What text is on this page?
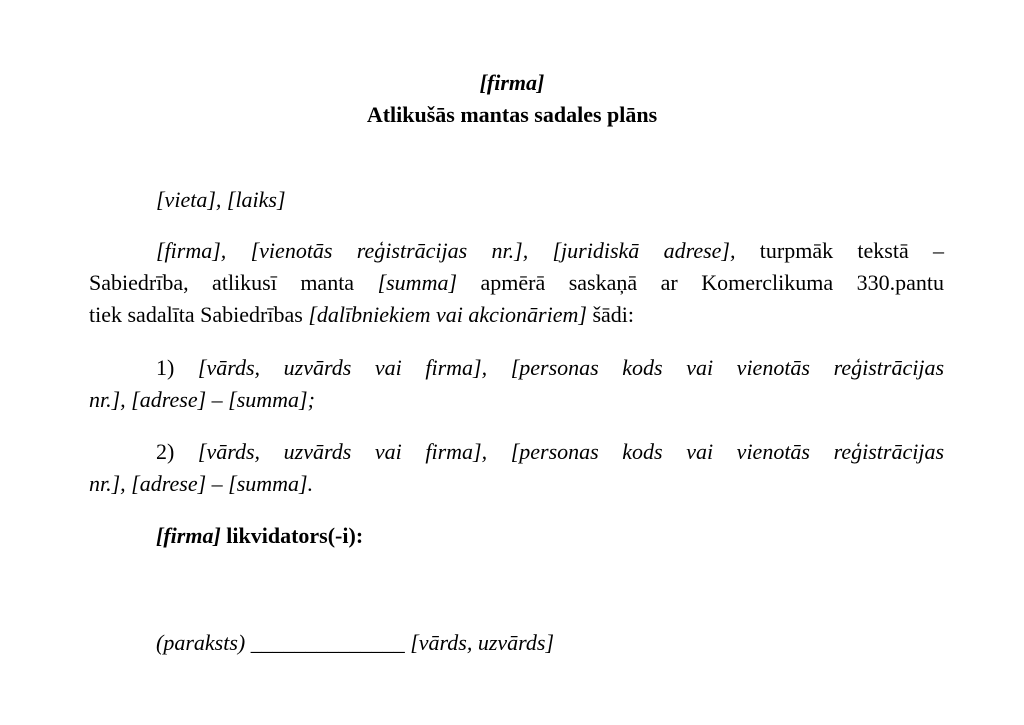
[firma]
Atlikušās mantas sadales plāns
[vieta], [laiks]
[firma], [vienotās reģistrācijas nr.], [juridiskā adrese], turpmāk tekstā –
Sabiedrība, atlikusī manta [summa] apmērā saskaņā ar Komerclikuma 330.pantu
tiek sadalīta Sabiedrības [dalībniekiem vai akcionāriem] šādi:
1) [vārds, uzvārds vai firma], [personas kods vai vienotās reģistrācijas
nr.], [adrese] – [summa];
2) [vārds, uzvārds vai firma], [personas kods vai vienotās reģistrācijas
nr.], [adrese] – [summa].
[firma] likvidators(-i):
(paraksts) ______________ [vārds, uzvārds]
